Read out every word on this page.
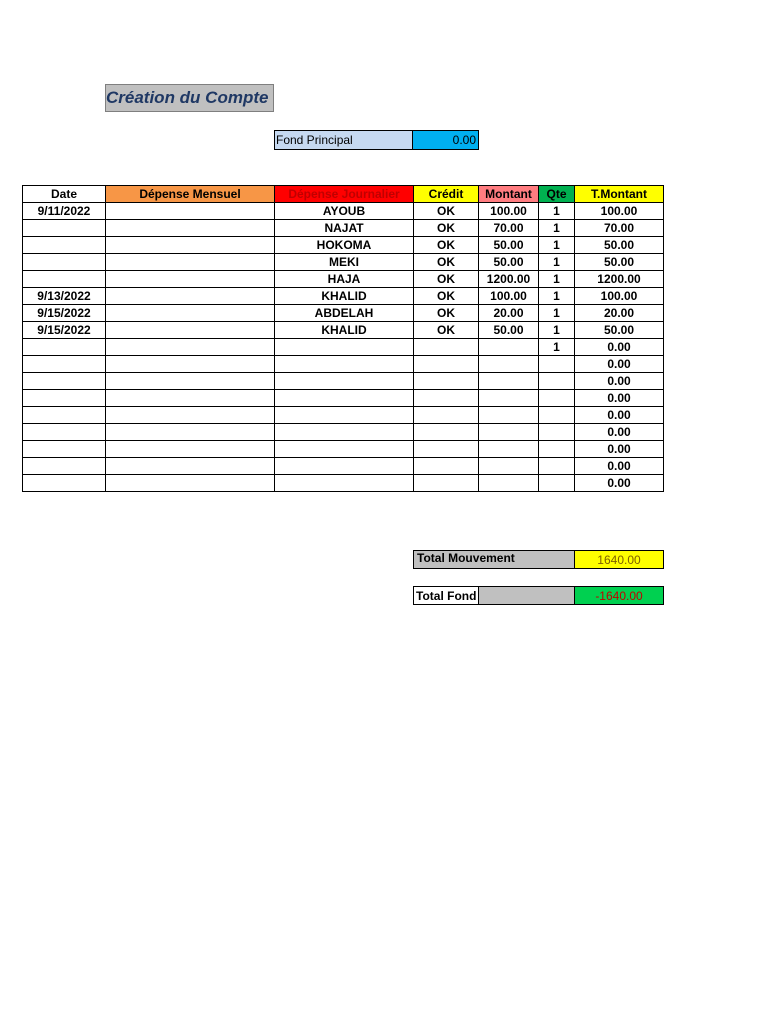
Création du Compte
Fond Principal	0.00
Date	Dépense Mensuel	Dépense Journalier	Crédit	Montant	Qte	T.Montant
9/11/2022		AYOUB	OK	100.00	1	100.00
		NAJAT	OK	70.00	1	70.00
		HOKOMA	OK	50.00	1	50.00
		MEKI	OK	50.00	1	50.00
		HAJA	OK	1200.00	1	1200.00
9/13/2022		KHALID	OK	100.00	1	100.00
9/15/2022		ABDELAH	OK	20.00	1	20.00
9/15/2022		KHALID	OK	50.00	1	50.00
					1	0.00
						0.00
						0.00
						0.00
						0.00
						0.00
						0.00
						0.00
						0.00
Total Mouvement	1640.00
Total Fond	-1640.00
